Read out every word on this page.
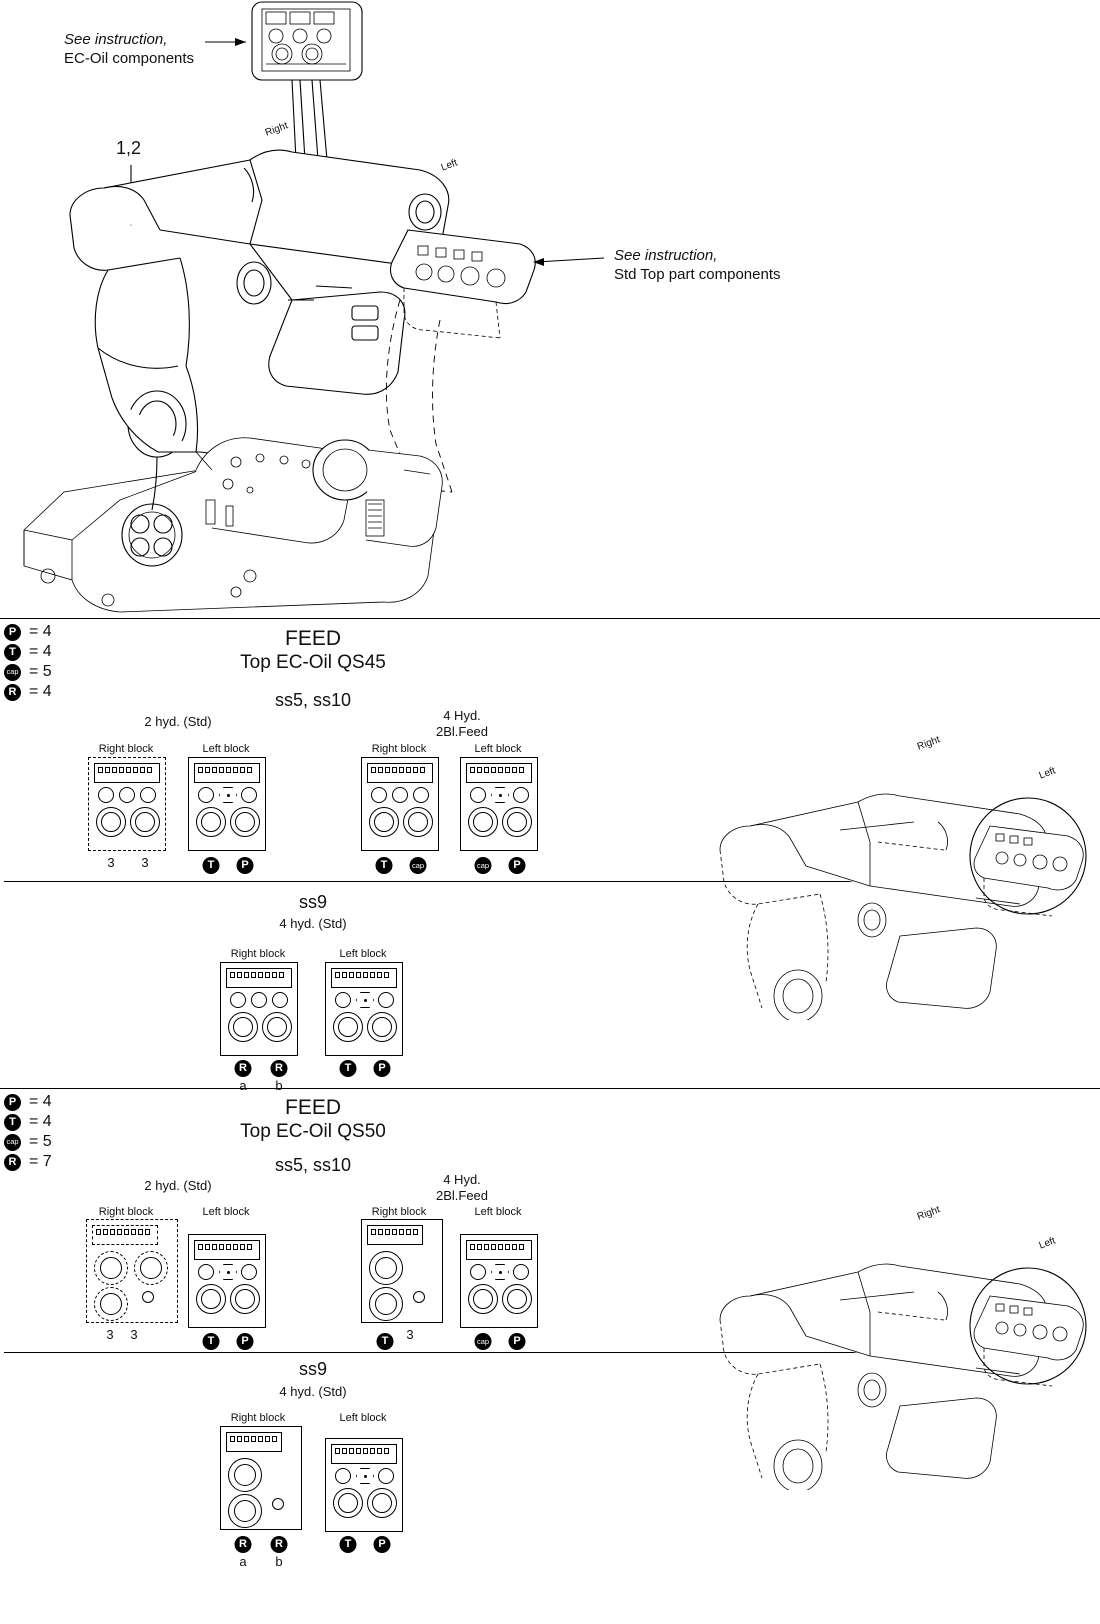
See instruction,
EC-Oil components
See instruction,
Std Top part components
1,2
Right
Left
P = 4
T = 4
cap = 5
R = 4
FEED
Top EC-Oil QS45
ss5, ss10
2 hyd. (Std)	4 Hyd.
2Bl.Feed
Right block
3 3
Left block
T	P
Right block
T	cap
Left block
cap	P
ss9
4 hyd. (Std)
Right block
R	R
a b
Left block
T	P
Right
Left
P = 4
T = 4
cap = 5
R = 7
FEED
Top EC-Oil QS50
ss5, ss10
2 hyd. (Std)	4 Hyd.
2Bl.Feed
Right block
3 3
Left block
T	P
Right block
T	3
Left block
cap	P
ss9
4 hyd. (Std)
Right block
R	R
a b
Left block
T	P
Right
Left
